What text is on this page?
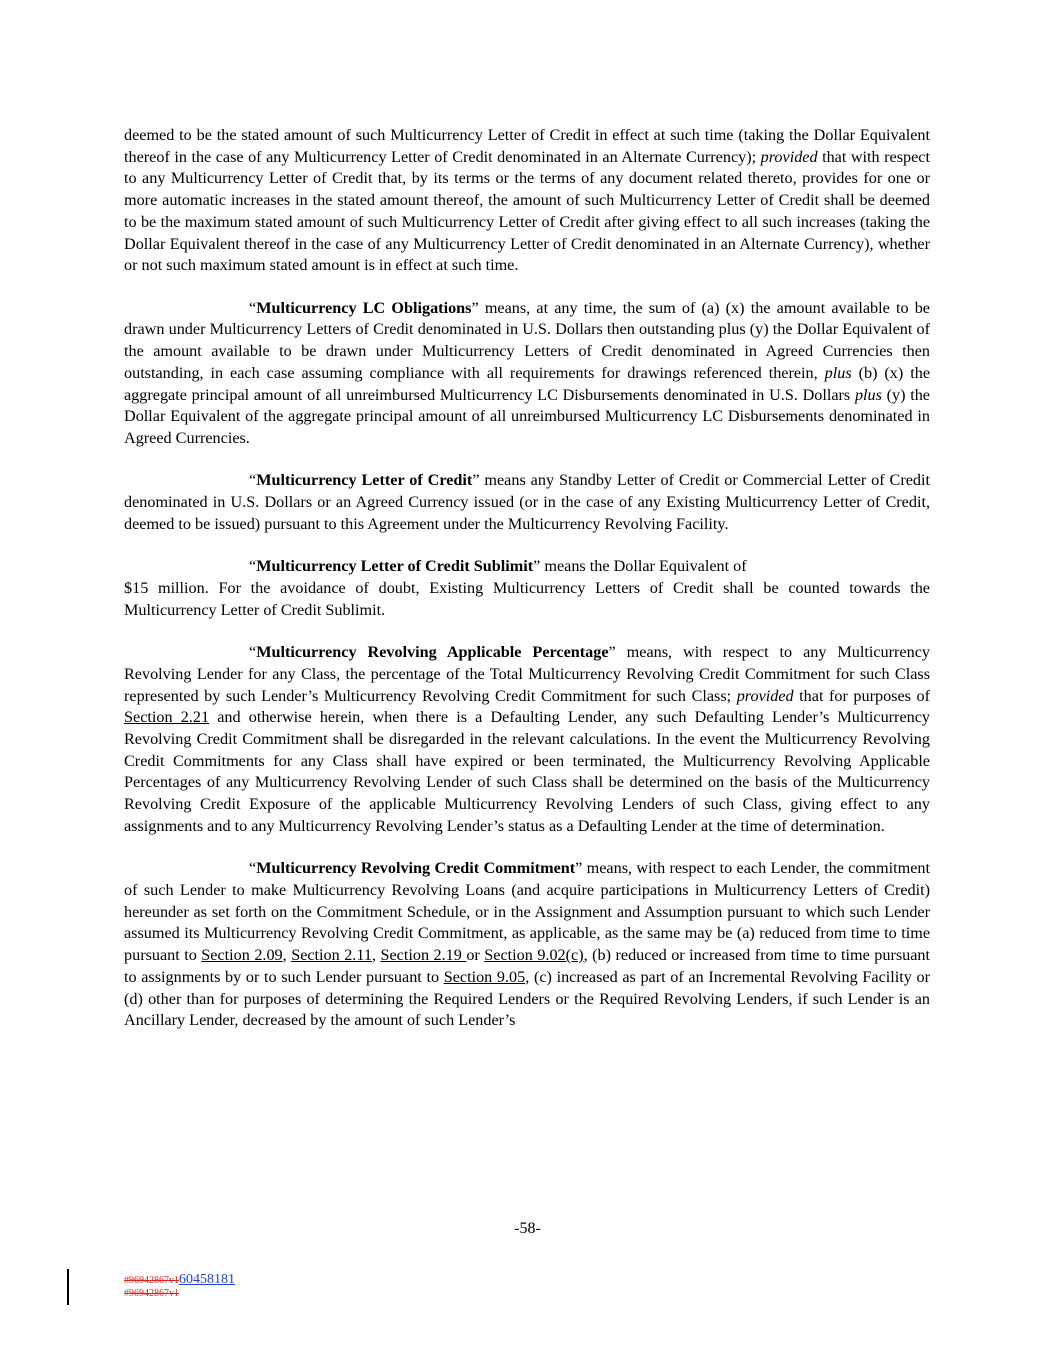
deemed to be the stated amount of such Multicurrency Letter of Credit in effect at such time (taking the Dollar Equivalent thereof in the case of any Multicurrency Letter of Credit denominated in an Alternate Currency); provided that with respect to any Multicurrency Letter of Credit that, by its terms or the terms of any document related thereto, provides for one or more automatic increases in the stated amount thereof, the amount of such Multicurrency Letter of Credit shall be deemed to be the maximum stated amount of such Multicurrency Letter of Credit after giving effect to all such increases (taking the Dollar Equivalent thereof in the case of any Multicurrency Letter of Credit denominated in an Alternate Currency), whether or not such maximum stated amount is in effect at such time.

“Multicurrency LC Obligations” means, at any time, the sum of (a) (x) the amount available to be drawn under Multicurrency Letters of Credit denominated in U.S. Dollars then outstanding plus (y) the Dollar Equivalent of the amount available to be drawn under Multicurrency Letters of Credit denominated in Agreed Currencies then outstanding, in each case assuming compliance with all requirements for drawings referenced therein, plus (b) (x) the aggregate principal amount of all unreimbursed Multicurrency LC Disbursements denominated in U.S. Dollars plus (y) the Dollar Equivalent of the aggregate principal amount of all unreimbursed Multicurrency LC Disbursements denominated in Agreed Currencies.

“Multicurrency Letter of Credit” means any Standby Letter of Credit or Commercial Letter of Credit denominated in U.S. Dollars or an Agreed Currency issued (or in the case of any Existing Multicurrency Letter of Credit, deemed to be issued) pursuant to this Agreement under the Multicurrency Revolving Facility.

“Multicurrency Letter of Credit Sublimit” means the Dollar Equivalent of
$15 million. For the avoidance of doubt, Existing Multicurrency Letters of Credit shall be counted towards the Multicurrency Letter of Credit Sublimit.

“Multicurrency Revolving Applicable Percentage” means, with respect to any Multicurrency Revolving Lender for any Class, the percentage of the Total Multicurrency Revolving Credit Commitment for such Class represented by such Lender’s Multicurrency Revolving Credit Commitment for such Class; provided that for purposes of Section 2.21 and otherwise herein, when there is a Defaulting Lender, any such Defaulting Lender’s Multicurrency Revolving Credit Commitment shall be disregarded in the relevant calculations. In the event the Multicurrency Revolving Credit Commitments for any Class shall have expired or been terminated, the Multicurrency Revolving Applicable Percentages of any Multicurrency Revolving Lender of such Class shall be determined on the basis of the Multicurrency Revolving Credit Exposure of the applicable Multicurrency Revolving Lenders of such Class, giving effect to any assignments and to any Multicurrency Revolving Lender’s status as a Defaulting Lender at the time of determination.

“Multicurrency Revolving Credit Commitment” means, with respect to each Lender, the commitment of such Lender to make Multicurrency Revolving Loans (and acquire participations in Multicurrency Letters of Credit) hereunder as set forth on the Commitment Schedule, or in the Assignment and Assumption pursuant to which such Lender assumed its Multicurrency Revolving Credit Commitment, as applicable, as the same may be (a) reduced from time to time pursuant to Section 2.09, Section 2.11, Section 2.19 or Section 9.02(c), (b) reduced or increased from time to time pursuant to assignments by or to such Lender pursuant to Section 9.05, (c) increased as part of an Incremental Revolving Facility or (d) other than for purposes of determining the Required Lenders or the Required Revolving Lenders, if such Lender is an Ancillary Lender, decreased by the amount of such Lender’s

-58-
#96942867v160458181
#96942867v1
